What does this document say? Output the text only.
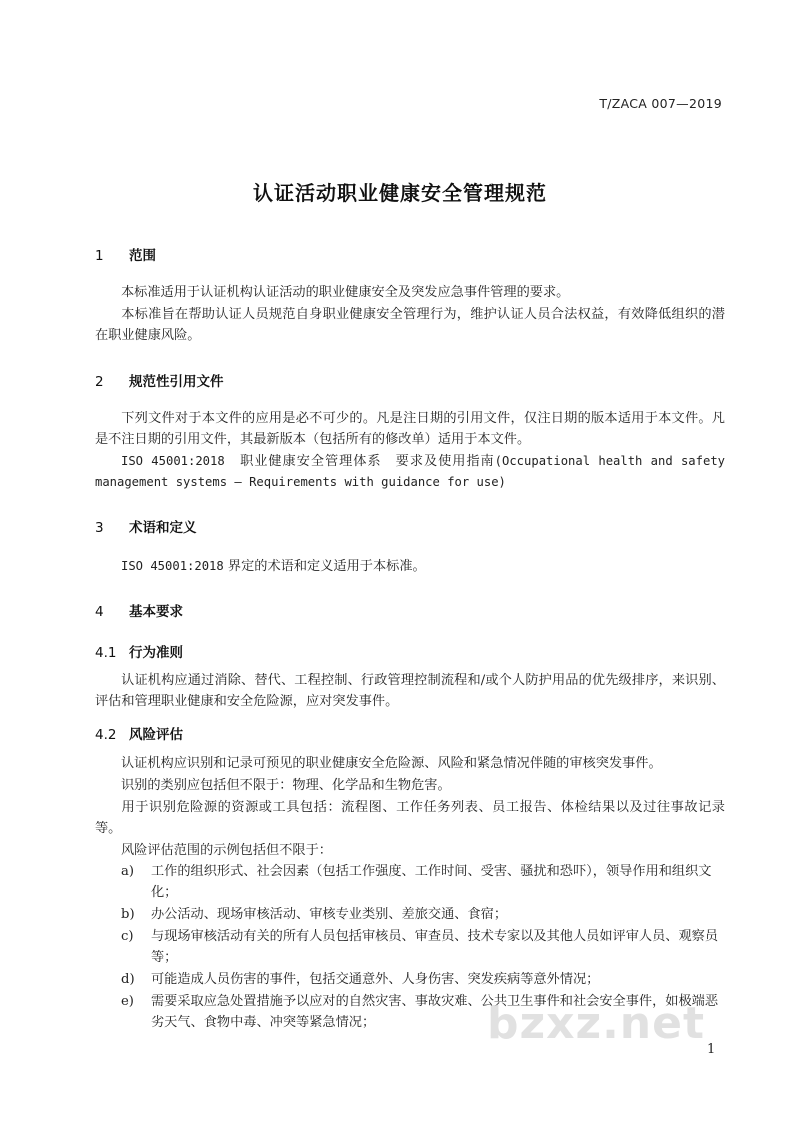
T/ZACA 007—2019
认证活动职业健康安全管理规范
1 范围
本标准适用于认证机构认证活动的职业健康安全及突发应急事件管理的要求。
本标准旨在帮助认证人员规范自身职业健康安全管理行为，维护认证人员合法权益，有效降低组织的潜在职业健康风险。
2 规范性引用文件
下列文件对于本文件的应用是必不可少的。凡是注日期的引用文件，仅注日期的版本适用于本文件。凡是不注日期的引用文件，其最新版本（包括所有的修改单）适用于本文件。
ISO 45001:2018 职业健康安全管理体系　要求及使用指南(Occupational health and safety management systems — Requirements with guidance for use)
3 术语和定义
ISO 45001:2018 界定的术语和定义适用于本标准。
4 基本要求
4.1 行为准则
认证机构应通过消除、替代、工程控制、行政管理控制流程和/或个人防护用品的优先级排序，来识别、评估和管理职业健康和安全危险源，应对突发事件。
4.2 风险评估
认证机构应识别和记录可预见的职业健康安全危险源、风险和紧急情况伴随的审核突发事件。
识别的类别应包括但不限于：物理、化学品和生物危害。
用于识别危险源的资源或工具包括：流程图、工作任务列表、员工报告、体检结果以及过往事故记录等。
风险评估范围的示例包括但不限于：
a)	工作的组织形式、社会因素（包括工作强度、工作时间、受害、骚扰和恐吓），领导作用和组织文化；
b)	办公活动、现场审核活动、审核专业类别、差旅交通、食宿；
c)	与现场审核活动有关的所有人员包括审核员、审查员、技术专家以及其他人员如评审人员、观察员等；
d)	可能造成人员伤害的事件，包括交通意外、人身伤害、突发疾病等意外情况；
e)	需要采取应急处置措施予以应对的自然灾害、事故灾难、公共卫生事件和社会安全事件，如极端恶劣天气、食物中毒、冲突等紧急情况；	bzxz.net
1
